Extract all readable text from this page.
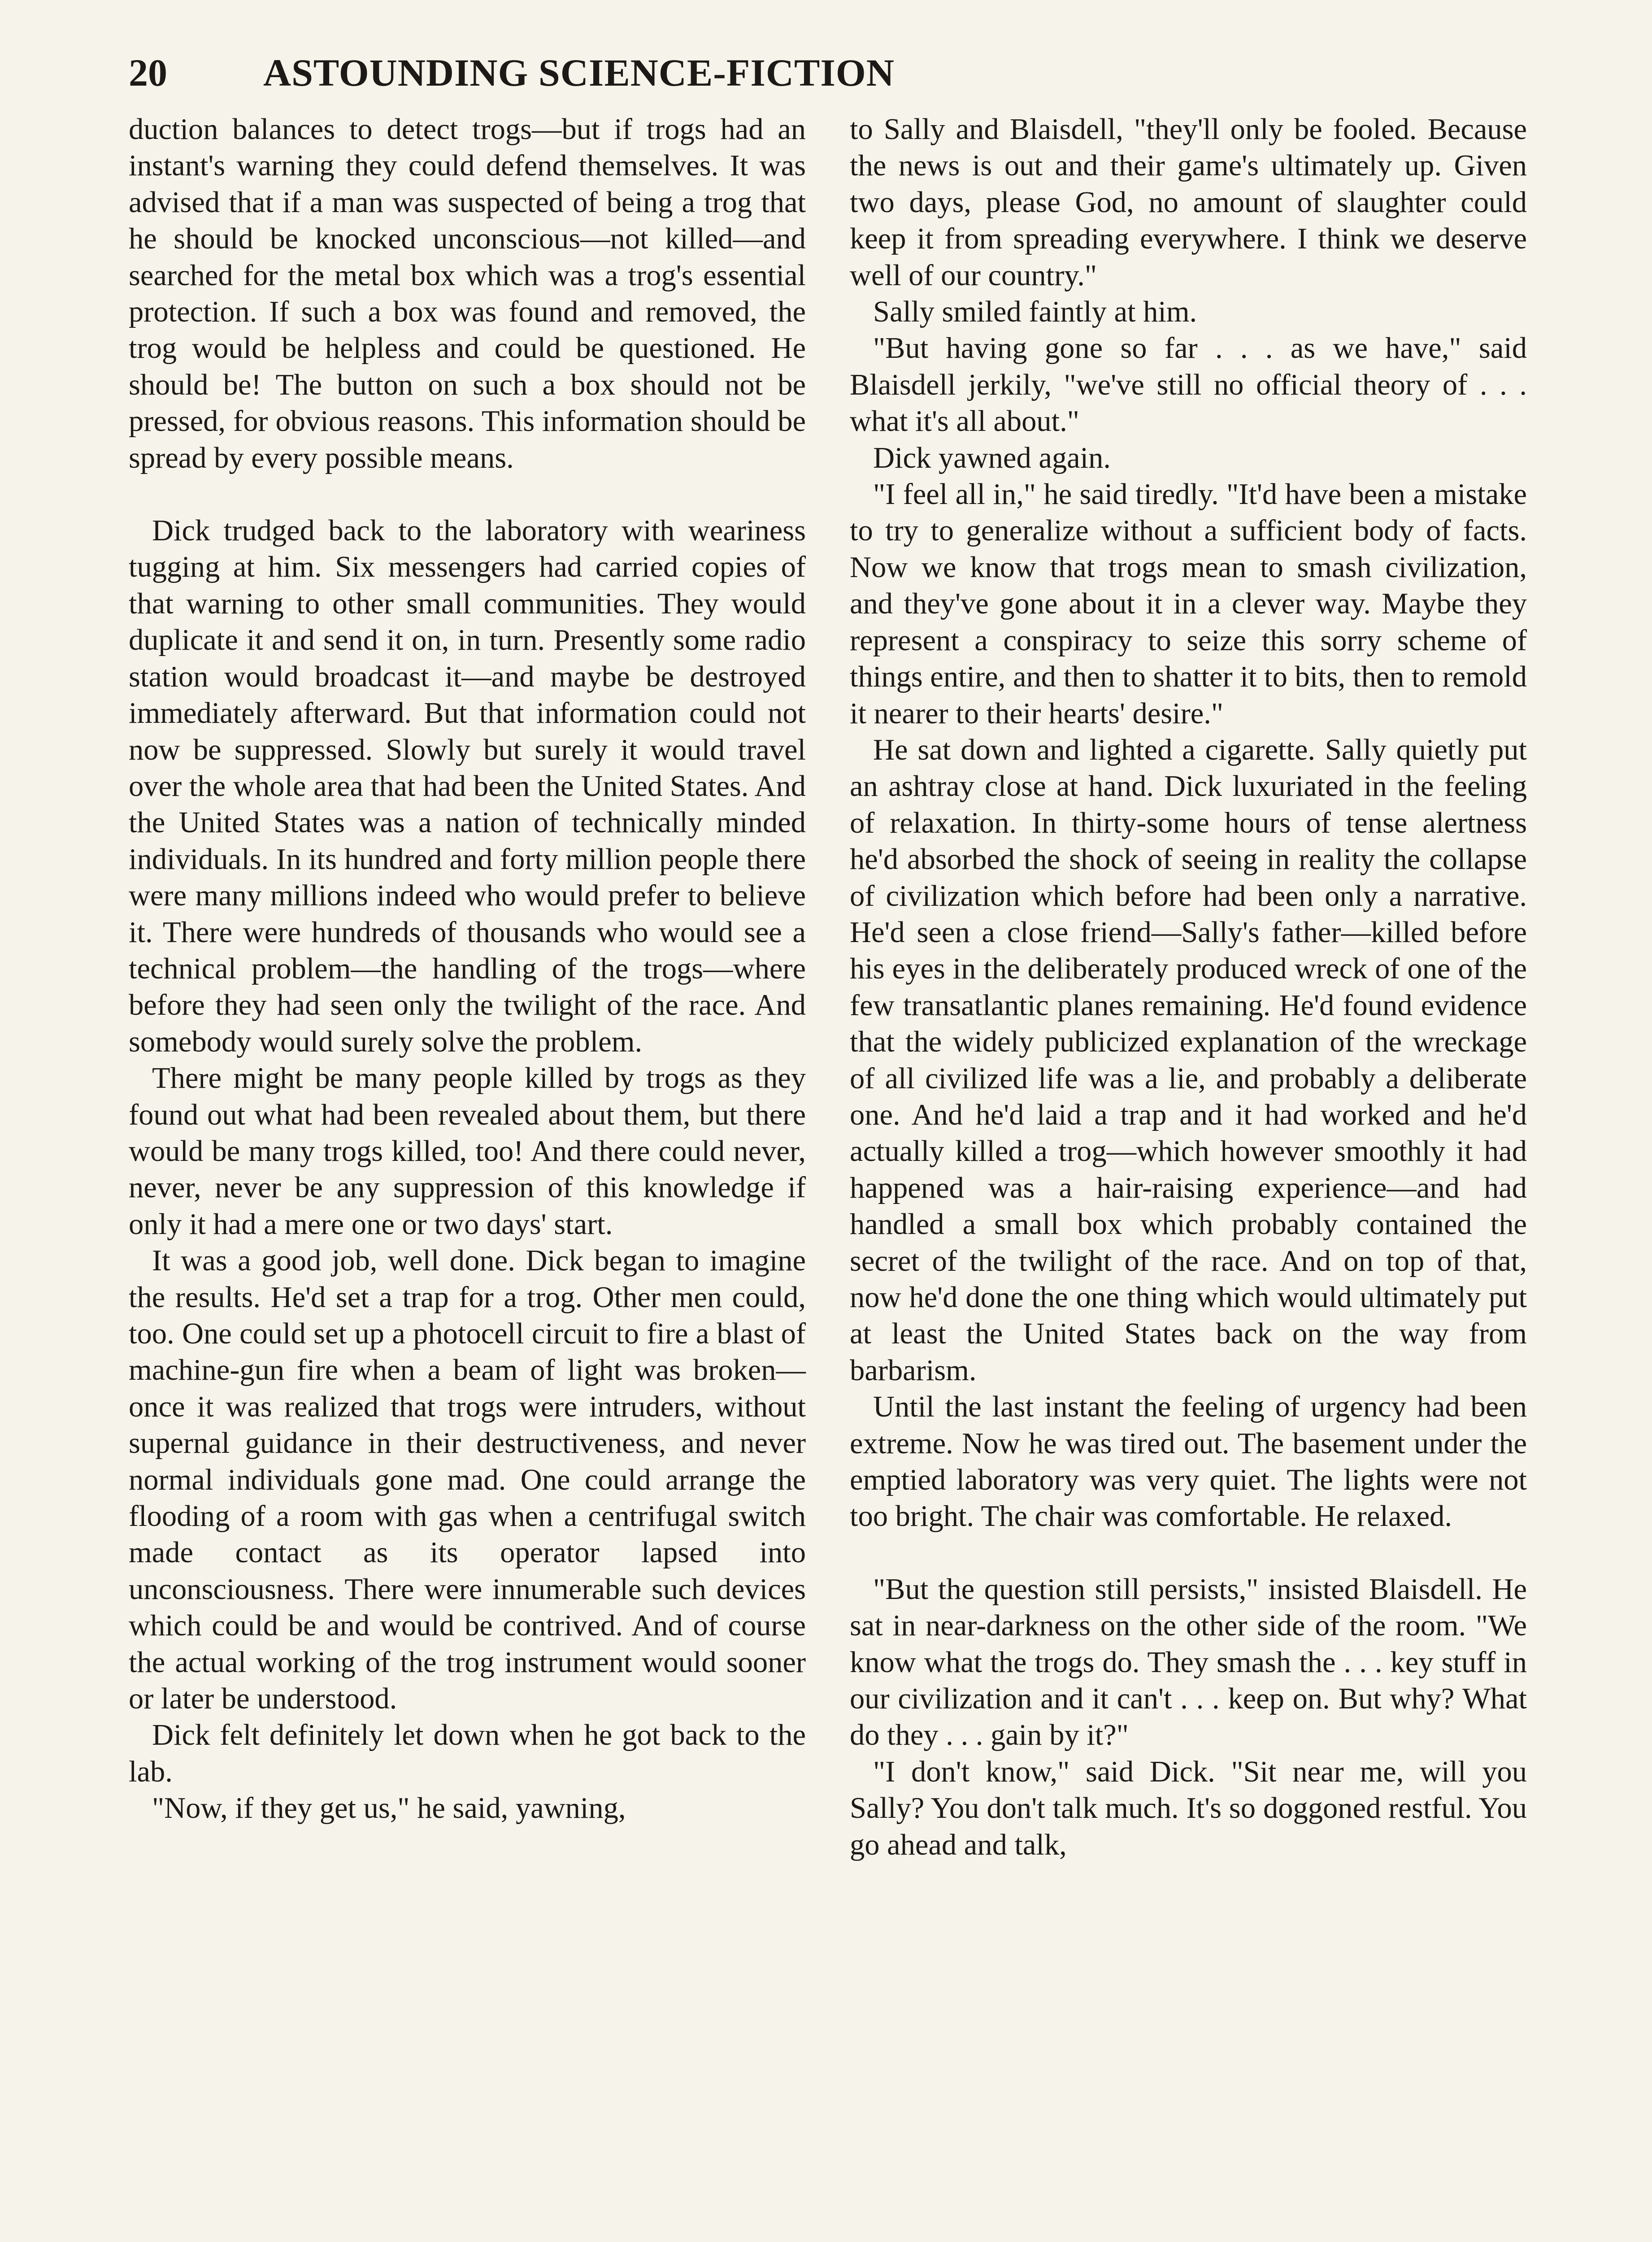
20	ASTOUNDING SCIENCE-FICTION

duction balances to detect trogs—but if trogs had an instant's warning they could defend themselves. It was advised that if a man was suspected of being a trog that he should be knocked unconscious—not killed—and searched for the metal box which was a trog's essential protection. If such a box was found and removed, the trog would be helpless and could be questioned. He should be! The button on such a box should not be pressed, for obvious reasons. This information should be spread by every possible means.

Dick trudged back to the laboratory with weariness tugging at him. Six messengers had carried copies of that warning to other small communities. They would duplicate it and send it on, in turn. Presently some radio station would broadcast it—and maybe be destroyed immediately afterward. But that information could not now be suppressed. Slowly but surely it would travel over the whole area that had been the United States. And the United States was a nation of technically minded individuals. In its hundred and forty million people there were many millions indeed who would prefer to believe it. There were hundreds of thousands who would see a technical problem—the handling of the trogs—where before they had seen only the twilight of the race. And somebody would surely solve the problem.

There might be many people killed by trogs as they found out what had been revealed about them, but there would be many trogs killed, too! And there could never, never, never be any suppression of this knowledge if only it had a mere one or two days' start.

It was a good job, well done. Dick began to imagine the results. He'd set a trap for a trog. Other men could, too. One could set up a photocell circuit to fire a blast of machine-gun fire when a beam of light was broken—once it was realized that trogs were intruders, without supernal guidance in their destructiveness, and never normal individuals gone mad. One could arrange the flooding of a room with gas when a centrifugal switch made contact as its operator lapsed into unconsciousness. There were innumerable such devices which could be and would be contrived. And of course the actual working of the trog instrument would sooner or later be understood.

Dick felt definitely let down when he got back to the lab.

"Now, if they get us," he said, yawning,

to Sally and Blaisdell, "they'll only be fooled. Because the news is out and their game's ultimately up. Given two days, please God, no amount of slaughter could keep it from spreading everywhere. I think we deserve well of our country."

Sally smiled faintly at him.

"But having gone so far . . . as we have," said Blaisdell jerkily, "we've still no official theory of . . . what it's all about."

Dick yawned again.

"I feel all in," he said tiredly. "It'd have been a mistake to try to generalize without a sufficient body of facts. Now we know that trogs mean to smash civilization, and they've gone about it in a clever way. Maybe they represent a conspiracy to seize this sorry scheme of things entire, and then to shatter it to bits, then to remold it nearer to their hearts' desire."

He sat down and lighted a cigarette. Sally quietly put an ashtray close at hand. Dick luxuriated in the feeling of relaxation. In thirty-some hours of tense alertness he'd absorbed the shock of seeing in reality the collapse of civilization which before had been only a narrative. He'd seen a close friend—Sally's father—killed before his eyes in the deliberately produced wreck of one of the few transatlantic planes remaining. He'd found evidence that the widely publicized explanation of the wreckage of all civilized life was a lie, and probably a deliberate one. And he'd laid a trap and it had worked and he'd actually killed a trog—which however smoothly it had happened was a hair-raising experience—and had handled a small box which probably contained the secret of the twilight of the race. And on top of that, now he'd done the one thing which would ultimately put at least the United States back on the way from barbarism.

Until the last instant the feeling of urgency had been extreme. Now he was tired out. The basement under the emptied laboratory was very quiet. The lights were not too bright. The chair was comfortable. He relaxed.

"But the question still persists," insisted Blaisdell. He sat in near-darkness on the other side of the room. "We know what the trogs do. They smash the . . . key stuff in our civilization and it can't . . . keep on. But why? What do they . . . gain by it?"

"I don't know," said Dick. "Sit near me, will you Sally? You don't talk much. It's so doggoned restful. You go ahead and talk,
